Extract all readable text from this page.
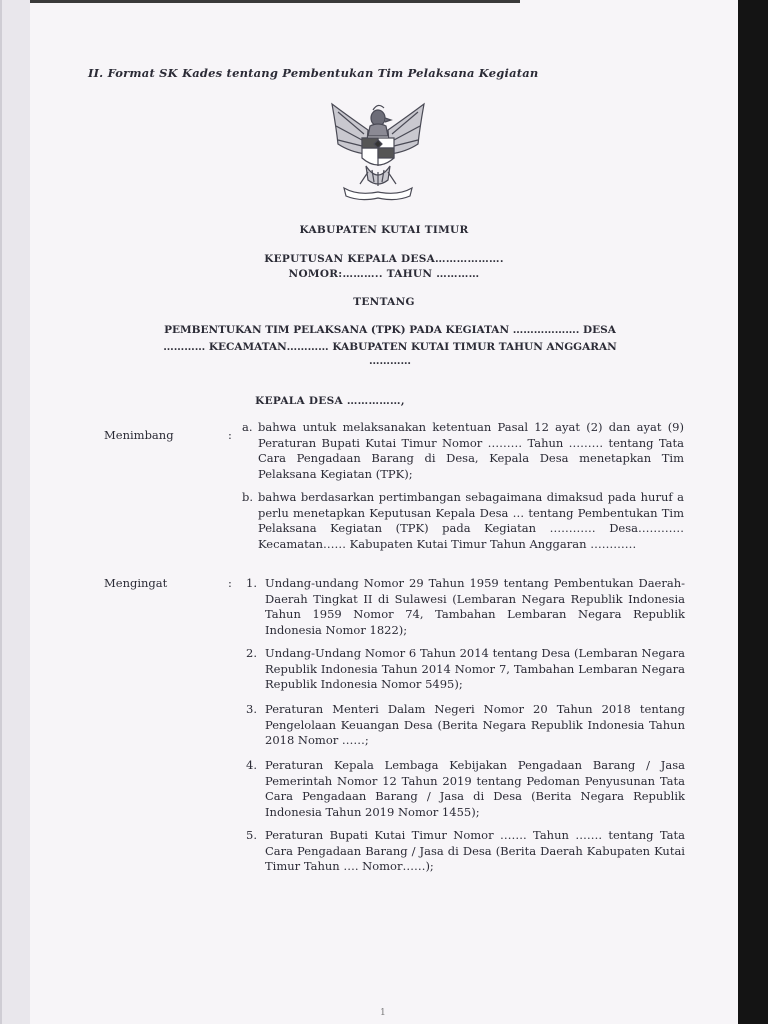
II. Format SK Kades tentang Pembentukan Tim Pelaksana Kegiatan
KABUPATEN KUTAI TIMUR
KEPUTUSAN KEPALA DESA……………….
NOMOR:……….. TAHUN …………
TENTANG
PEMBENTUKAN TIM PELAKSANA (TPK) PADA KEGIATAN ………………. DESA
………… KECAMATAN………… KABUPATEN KUTAI TIMUR TAHUN ANGGARAN
…………
KEPALA DESA ……………,
Menimbang	:
a. bahwa untuk melaksanakan ketentuan Pasal 12 ayat (2) dan ayat (9) Peraturan Bupati Kutai Timur Nomor ……… Tahun ……… tentang Tata Cara Pengadaan Barang di Desa, Kepala Desa menetapkan Tim Pelaksana Kegiatan (TPK);
b. bahwa berdasarkan pertimbangan sebagaimana dimaksud pada huruf a perlu menetapkan Keputusan Kepala Desa … tentang Pembentukan Tim Pelaksana Kegiatan (TPK) pada Kegiatan ………… Desa………… Kecamatan…… Kabupaten Kutai Timur Tahun Anggaran …………
Mengingat	: 1. Undang-undang Nomor 29 Tahun 1959 tentang Pembentukan Daerah-Daerah Tingkat II di Sulawesi (Lembaran Negara Republik Indonesia Tahun 1959 Nomor 74, Tambahan Lembaran Negara Republik Indonesia Nomor 1822);
2. Undang-Undang Nomor 6 Tahun 2014 tentang Desa (Lembaran Negara Republik Indonesia Tahun 2014 Nomor 7, Tambahan Lembaran Negara Republik Indonesia Nomor 5495);
3. Peraturan Menteri Dalam Negeri Nomor 20 Tahun 2018 tentang Pengelolaan Keuangan Desa (Berita Negara Republik Indonesia Tahun 2018 Nomor ……;
4. Peraturan Kepala Lembaga Kebijakan Pengadaan Barang / Jasa Pemerintah Nomor 12 Tahun 2019 tentang Pedoman Penyusunan Tata Cara Pengadaan Barang / Jasa di Desa (Berita Negara Republik Indonesia Tahun 2019 Nomor 1455);
5. Peraturan Bupati Kutai Timur Nomor ……. Tahun ……. tentang Tata Cara Pengadaan Barang / Jasa di Desa (Berita Daerah Kabupaten Kutai Timur Tahun …. Nomor……);
1
